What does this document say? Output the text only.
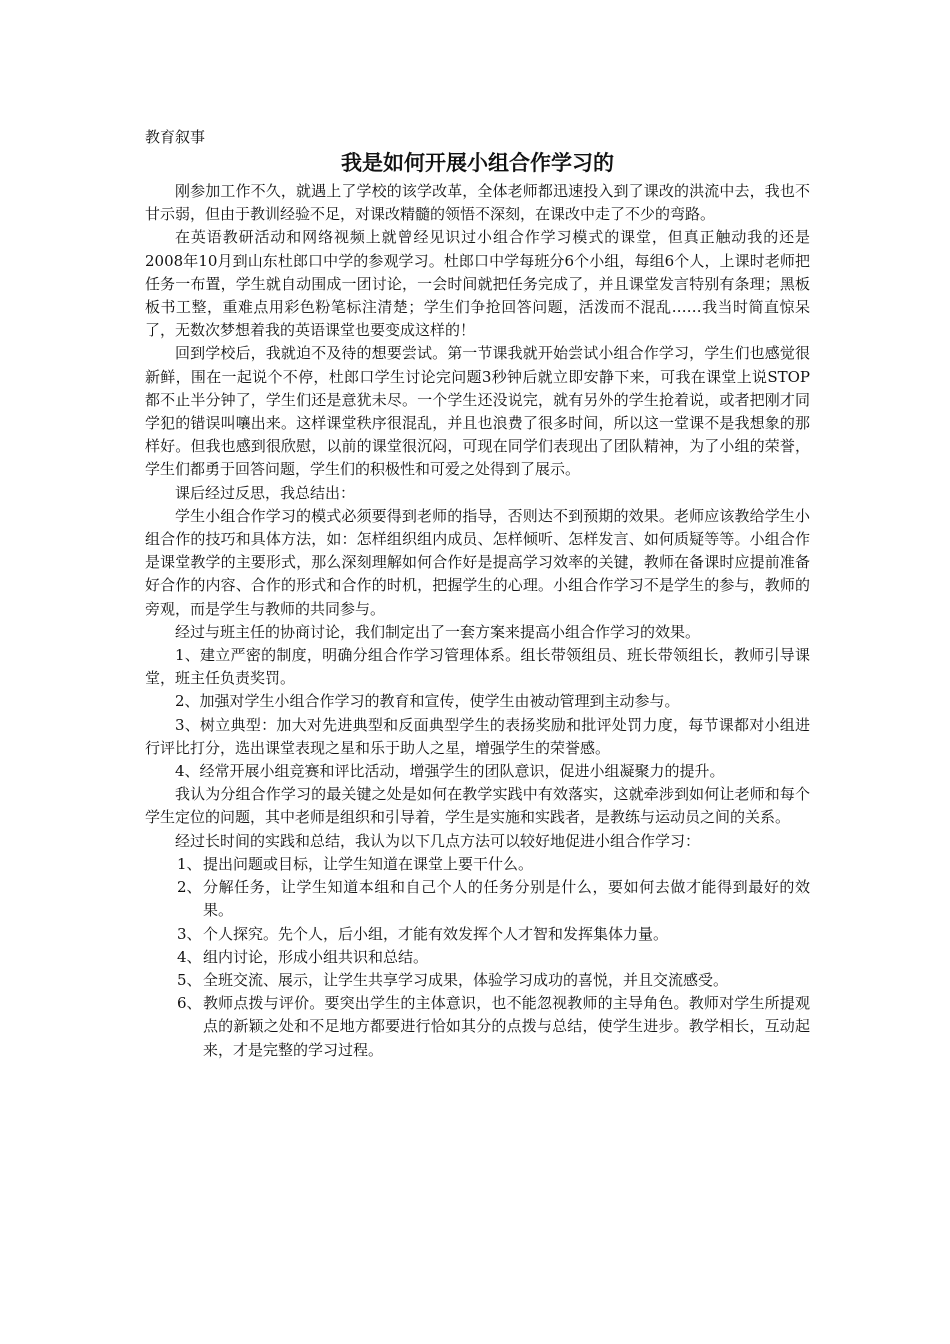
教育叙事

我是如何开展小组合作学习的

刚参加工作不久，就遇上了学校的该学改革，全体老师都迅速投入到了课改的洪流中去，我也不甘示弱，但由于教训经验不足，对课改精髓的领悟不深刻，在课改中走了不少的弯路。

在英语教研活动和网络视频上就曾经见识过小组合作学习模式的课堂，但真正触动我的还是2008年10月到山东杜郎口中学的参观学习。杜郎口中学每班分6个小组，每组6个人，上课时老师把任务一布置，学生就自动围成一团讨论，一会时间就把任务完成了，并且课堂发言特别有条理；黑板板书工整，重难点用彩色粉笔标注清楚；学生们争抢回答问题，活泼而不混乱……我当时简直惊呆了，无数次梦想着我的英语课堂也要变成这样的！

回到学校后，我就迫不及待的想要尝试。第一节课我就开始尝试小组合作学习，学生们也感觉很新鲜，围在一起说个不停，杜郎口学生讨论完问题3秒钟后就立即安静下来，可我在课堂上说STOP都不止半分钟了，学生们还是意犹未尽。一个学生还没说完，就有另外的学生抢着说，或者把刚才同学犯的错误叫嚷出来。这样课堂秩序很混乱，并且也浪费了很多时间，所以这一堂课不是我想象的那样好。但我也感到很欣慰，以前的课堂很沉闷，可现在同学们表现出了团队精神，为了小组的荣誉，学生们都勇于回答问题，学生们的积极性和可爱之处得到了展示。

课后经过反思，我总结出：

学生小组合作学习的模式必须要得到老师的指导，否则达不到预期的效果。老师应该教给学生小组合作的技巧和具体方法，如：怎样组织组内成员、怎样倾听、怎样发言、如何质疑等等。小组合作是课堂教学的主要形式，那么深刻理解如何合作好是提高学习效率的关键，教师在备课时应提前准备好合作的内容、合作的形式和合作的时机，把握学生的心理。小组合作学习不是学生的参与，教师的旁观，而是学生与教师的共同参与。

经过与班主任的协商讨论，我们制定出了一套方案来提高小组合作学习的效果。

1、建立严密的制度，明确分组合作学习管理体系。组长带领组员、班长带领组长，教师引导课堂，班主任负责奖罚。

2、加强对学生小组合作学习的教育和宣传，使学生由被动管理到主动参与。

3、树立典型：加大对先进典型和反面典型学生的表扬奖励和批评处罚力度，每节课都对小组进行评比打分，选出课堂表现之星和乐于助人之星，增强学生的荣誉感。

4、经常开展小组竞赛和评比活动，增强学生的团队意识，促进小组凝聚力的提升。

我认为分组合作学习的最关键之处是如何在教学实践中有效落实，这就牵涉到如何让老师和每个学生定位的问题，其中老师是组织和引导着，学生是实施和实践者，是教练与运动员之间的关系。

经过长时间的实践和总结，我认为以下几点方法可以较好地促进小组合作学习：

1、 提出问题或目标，让学生知道在课堂上要干什么。
2、 分解任务，让学生知道本组和自己个人的任务分别是什么，要如何去做才能得到最好的效果。
3、 个人探究。先个人，后小组，才能有效发挥个人才智和发挥集体力量。
4、 组内讨论，形成小组共识和总结。
5、 全班交流、展示，让学生共享学习成果，体验学习成功的喜悦，并且交流感受。
6、 教师点拨与评价。要突出学生的主体意识，也不能忽视教师的主导角色。教师对学生所提观点的新颖之处和不足地方都要进行恰如其分的点拨与总结，使学生进步。教学相长，互动起来，才是完整的学习过程。
